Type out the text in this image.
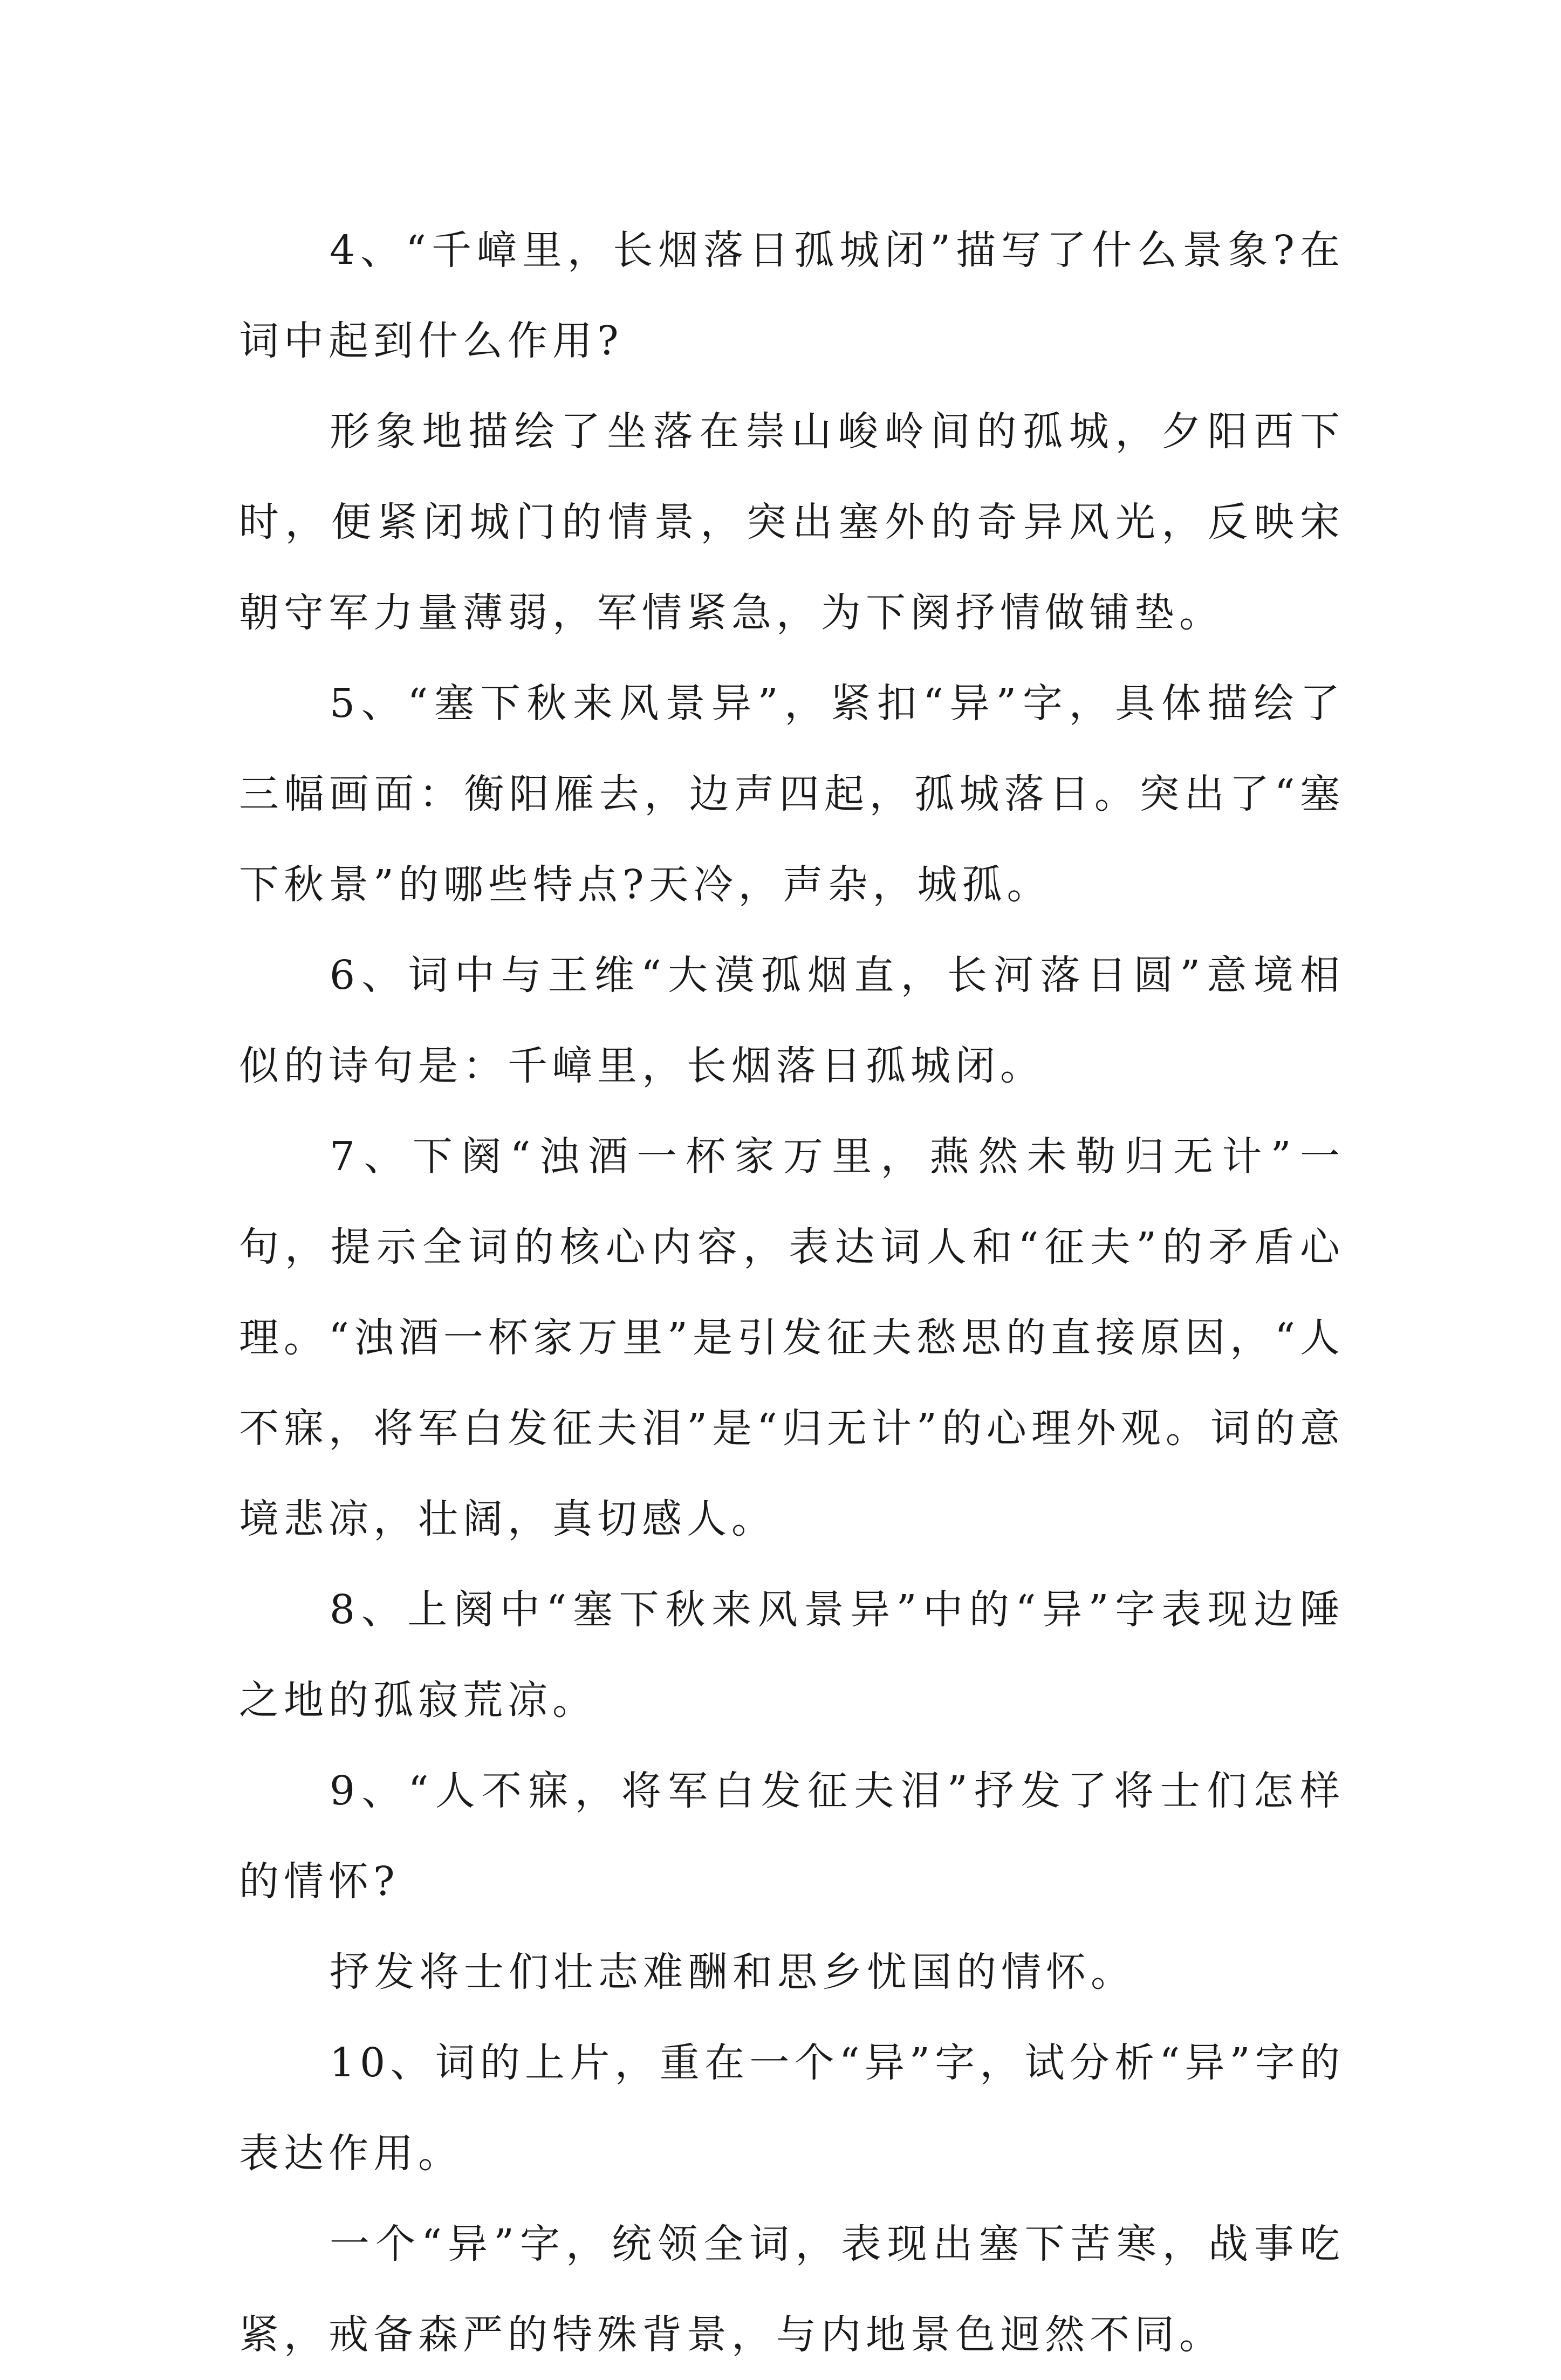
4、“千嶂里，长烟落日孤城闭”描写了什么景象?在词中起到什么作用?

形象地描绘了坐落在崇山峻岭间的孤城，夕阳西下时，便紧闭城门的情景，突出塞外的奇异风光，反映宋朝守军力量薄弱，军情紧急，为下阕抒情做铺垫。

5、“塞下秋来风景异”，紧扣“异”字，具体描绘了三幅画面：衡阳雁去，边声四起，孤城落日。突出了“塞下秋景”的哪些特点?天冷，声杂，城孤。

6、词中与王维“大漠孤烟直，长河落日圆”意境相似的诗句是：千嶂里，长烟落日孤城闭。

7、下阕“浊酒一杯家万里，燕然未勒归无计”一句，提示全词的核心内容，表达词人和“征夫”的矛盾心理。“浊酒一杯家万里”是引发征夫愁思的直接原因，“人不寐，将军白发征夫泪”是“归无计”的心理外观。词的意境悲凉，壮阔，真切感人。

8、上阕中“塞下秋来风景异”中的“异”字表现边陲之地的孤寂荒凉。

9、“人不寐，将军白发征夫泪”抒发了将士们怎样的情怀?

抒发将士们壮志难酬和思乡忧国的情怀。

10、词的上片，重在一个“异”字，试分析“异”字的表达作用。

一个“异”字，统领全词，表现出塞下苦寒，战事吃紧，戒备森严的特殊背景，与内地景色迥然不同。
